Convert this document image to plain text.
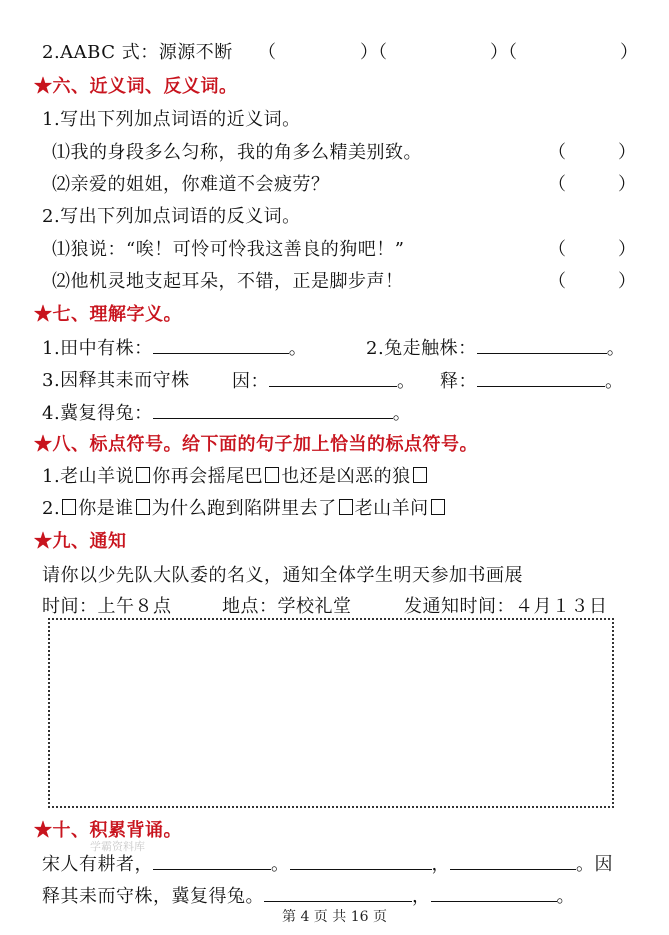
2.AABC 式：源源不断 （	）（	）（	）
★六、近义词、反义词。
1.写出下列加点词语的近义词。
⑴我的身段多么匀称，我的角多么精美别致。	（	）
⑵亲爱的姐姐，你难道不会疲劳？	（	）
2.写出下列加点词语的反义词。
⑴狼说：“唉！可怜可怜我这善良的狗吧！”	（	）
⑵他机灵地支起耳朵，不错，正是脚步声！	（	）
★七、理解字义。
1.田中有株：	。	2.兔走触株：	。
3.因释其耒而守株 因：	。 释：	。
4.冀复得兔：	。
★八、标点符号。给下面的句子加上恰当的标点符号。
1.老山羊说 你再会摇尾巴 也还是凶恶的狼
2. 你是谁 为什么跑到陷阱里去了 老山羊问
★九、通知
请你以少先队大队委的名义，通知全体学生明天参加书画展
时间：上午８点	地点：学校礼堂	发通知时间：４月１３日
★十、积累背诵。
学霸资料库
宋人有耕者，	。	，	。因
释其耒而守株，冀复得兔。	，	。
第 4 页 共 16 页
